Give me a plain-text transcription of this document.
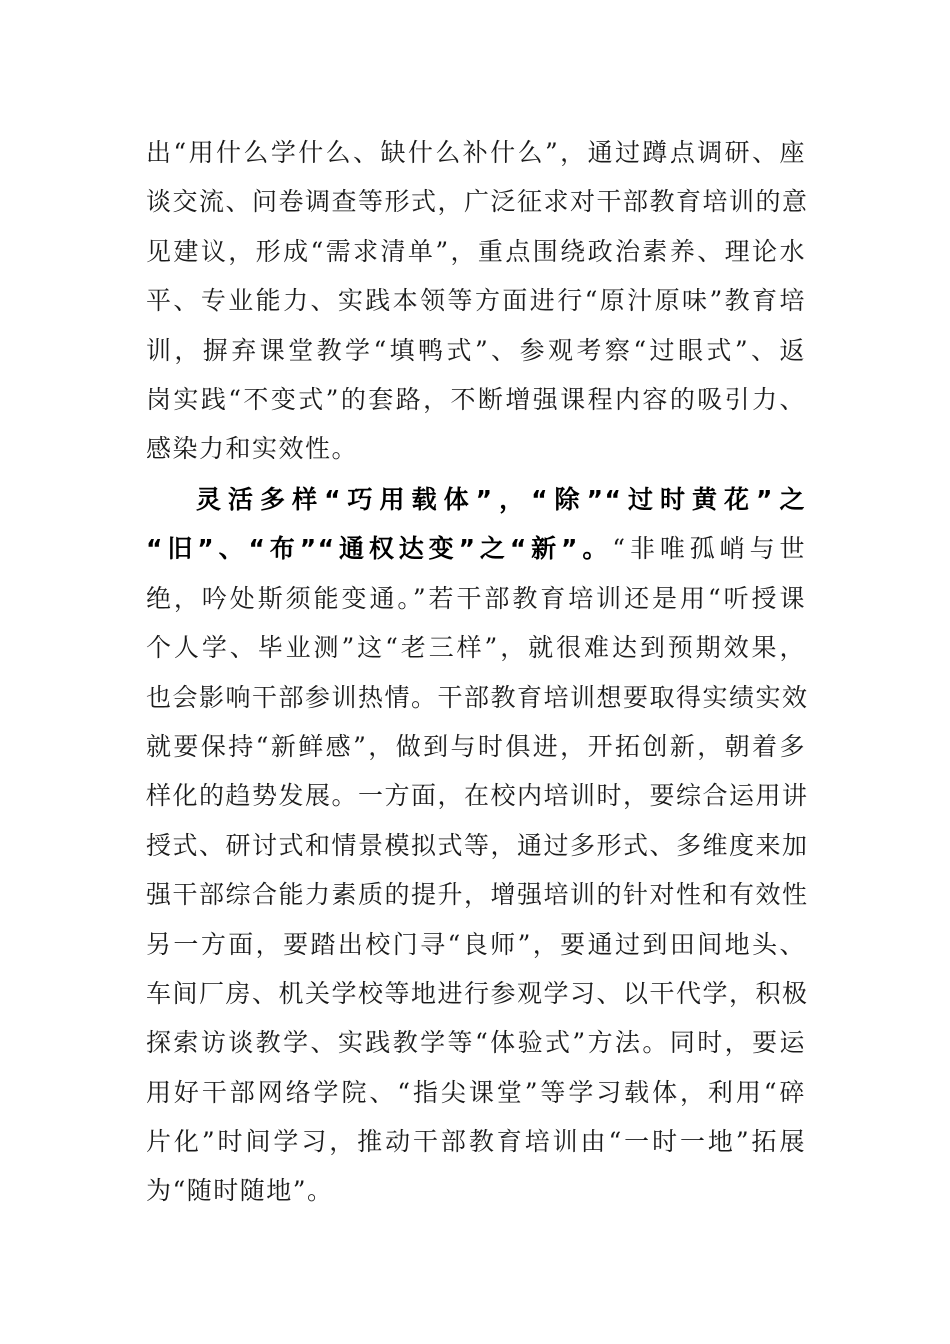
出“用什么学什么、缺什么补什么”，通过蹲点调研、座
谈交流、问卷调查等形式，广泛征求对干部教育培训的意
见建议，形成“需求清单”，重点围绕政治素养、理论水
平、专业能力、实践本领等方面进行“原汁原味”教育培
训，摒弃课堂教学“填鸭式”、参观考察“过眼式”、返
岗实践“不变式”的套路，不断增强课程内容的吸引力、
感染力和实效性。
灵活多样“巧用载体”，“除”“过时黄花”之
“旧”、“布”“通权达变”之“新”。“非唯孤峭与世
绝，吟处斯须能变通。”若干部教育培训还是用“听授课
个人学、毕业测”这“老三样”，就很难达到预期效果，
也会影响干部参训热情。干部教育培训想要取得实绩实效
就要保持“新鲜感”，做到与时俱进，开拓创新，朝着多
样化的趋势发展。一方面，在校内培训时，要综合运用讲
授式、研讨式和情景模拟式等，通过多形式、多维度来加
强干部综合能力素质的提升，增强培训的针对性和有效性
另一方面，要踏出校门寻“良师”，要通过到田间地头、
车间厂房、机关学校等地进行参观学习、以干代学，积极
探索访谈教学、实践教学等“体验式”方法。同时，要运
用好干部网络学院、“指尖课堂”等学习载体，利用“碎
片化”时间学习，推动干部教育培训由“一时一地”拓展
为“随时随地”。
